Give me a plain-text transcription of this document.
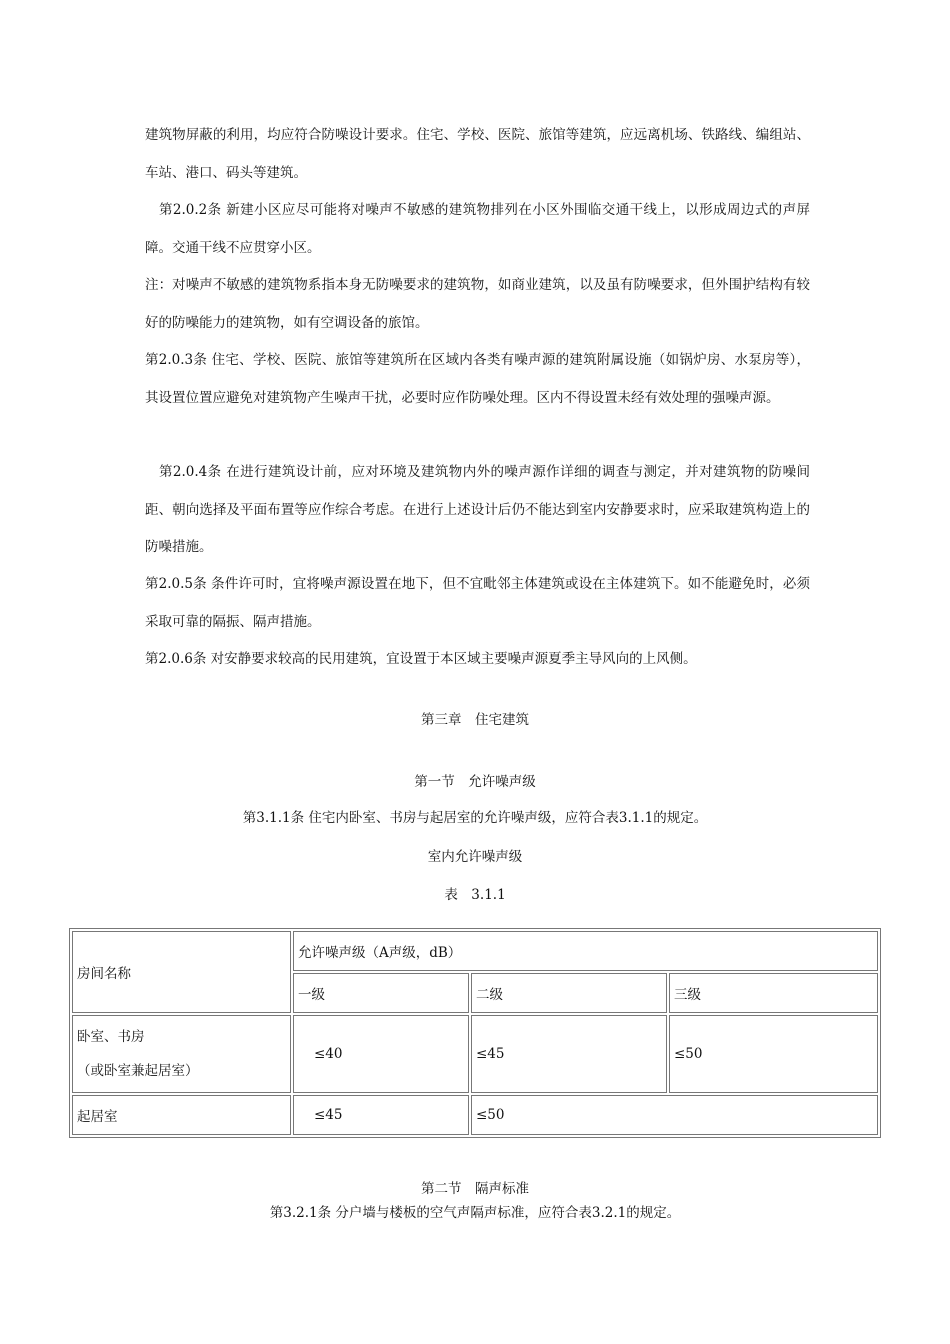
建筑物屏蔽的利用，均应符合防噪设计要求。住宅、学校、医院、旅馆等建筑，应远离机场、铁路线、编组站、车站、港口、码头等建筑。

第2.0.2条 新建小区应尽可能将对噪声不敏感的建筑物排列在小区外围临交通干线上，以形成周边式的声屏障。交通干线不应贯穿小区。

注：对噪声不敏感的建筑物系指本身无防噪要求的建筑物，如商业建筑，以及虽有防噪要求，但外围护结构有较好的防噪能力的建筑物，如有空调设备的旅馆。

第2.0.3条 住宅、学校、医院、旅馆等建筑所在区域内各类有噪声源的建筑附属设施（如锅炉房、水泵房等），其设置位置应避免对建筑物产生噪声干扰，必要时应作防噪处理。区内不得设置未经有效处理的强噪声源。

第2.0.4条 在进行建筑设计前，应对环境及建筑物内外的噪声源作详细的调查与测定，并对建筑物的防噪间距、朝向选择及平面布置等应作综合考虑。在进行上述设计后仍不能达到室内安静要求时，应采取建筑构造上的防噪措施。

第2.0.5条 条件许可时，宜将噪声源设置在地下，但不宜毗邻主体建筑或设在主体建筑下。如不能避免时，必须采取可靠的隔振、隔声措施。

第2.0.6条 对安静要求较高的民用建筑，宜设置于本区域主要噪声源夏季主导风向的上风侧。

第三章　住宅建筑

第一节　允许噪声级

第3.1.1条 住宅内卧室、书房与起居室的允许噪声级，应符合表3.1.1的规定。

室内允许噪声级

表　3.1.1

房间名称	允许噪声级（A声级，dB）		
	一级	二级	三级

卧室、书房
（或卧室兼起居室）	≤40	≤45	≤50
起居室	≤45	≤50	

第二节　隔声标准

第3.2.1条 分户墙与楼板的空气声隔声标准，应符合表3.2.1的规定。
